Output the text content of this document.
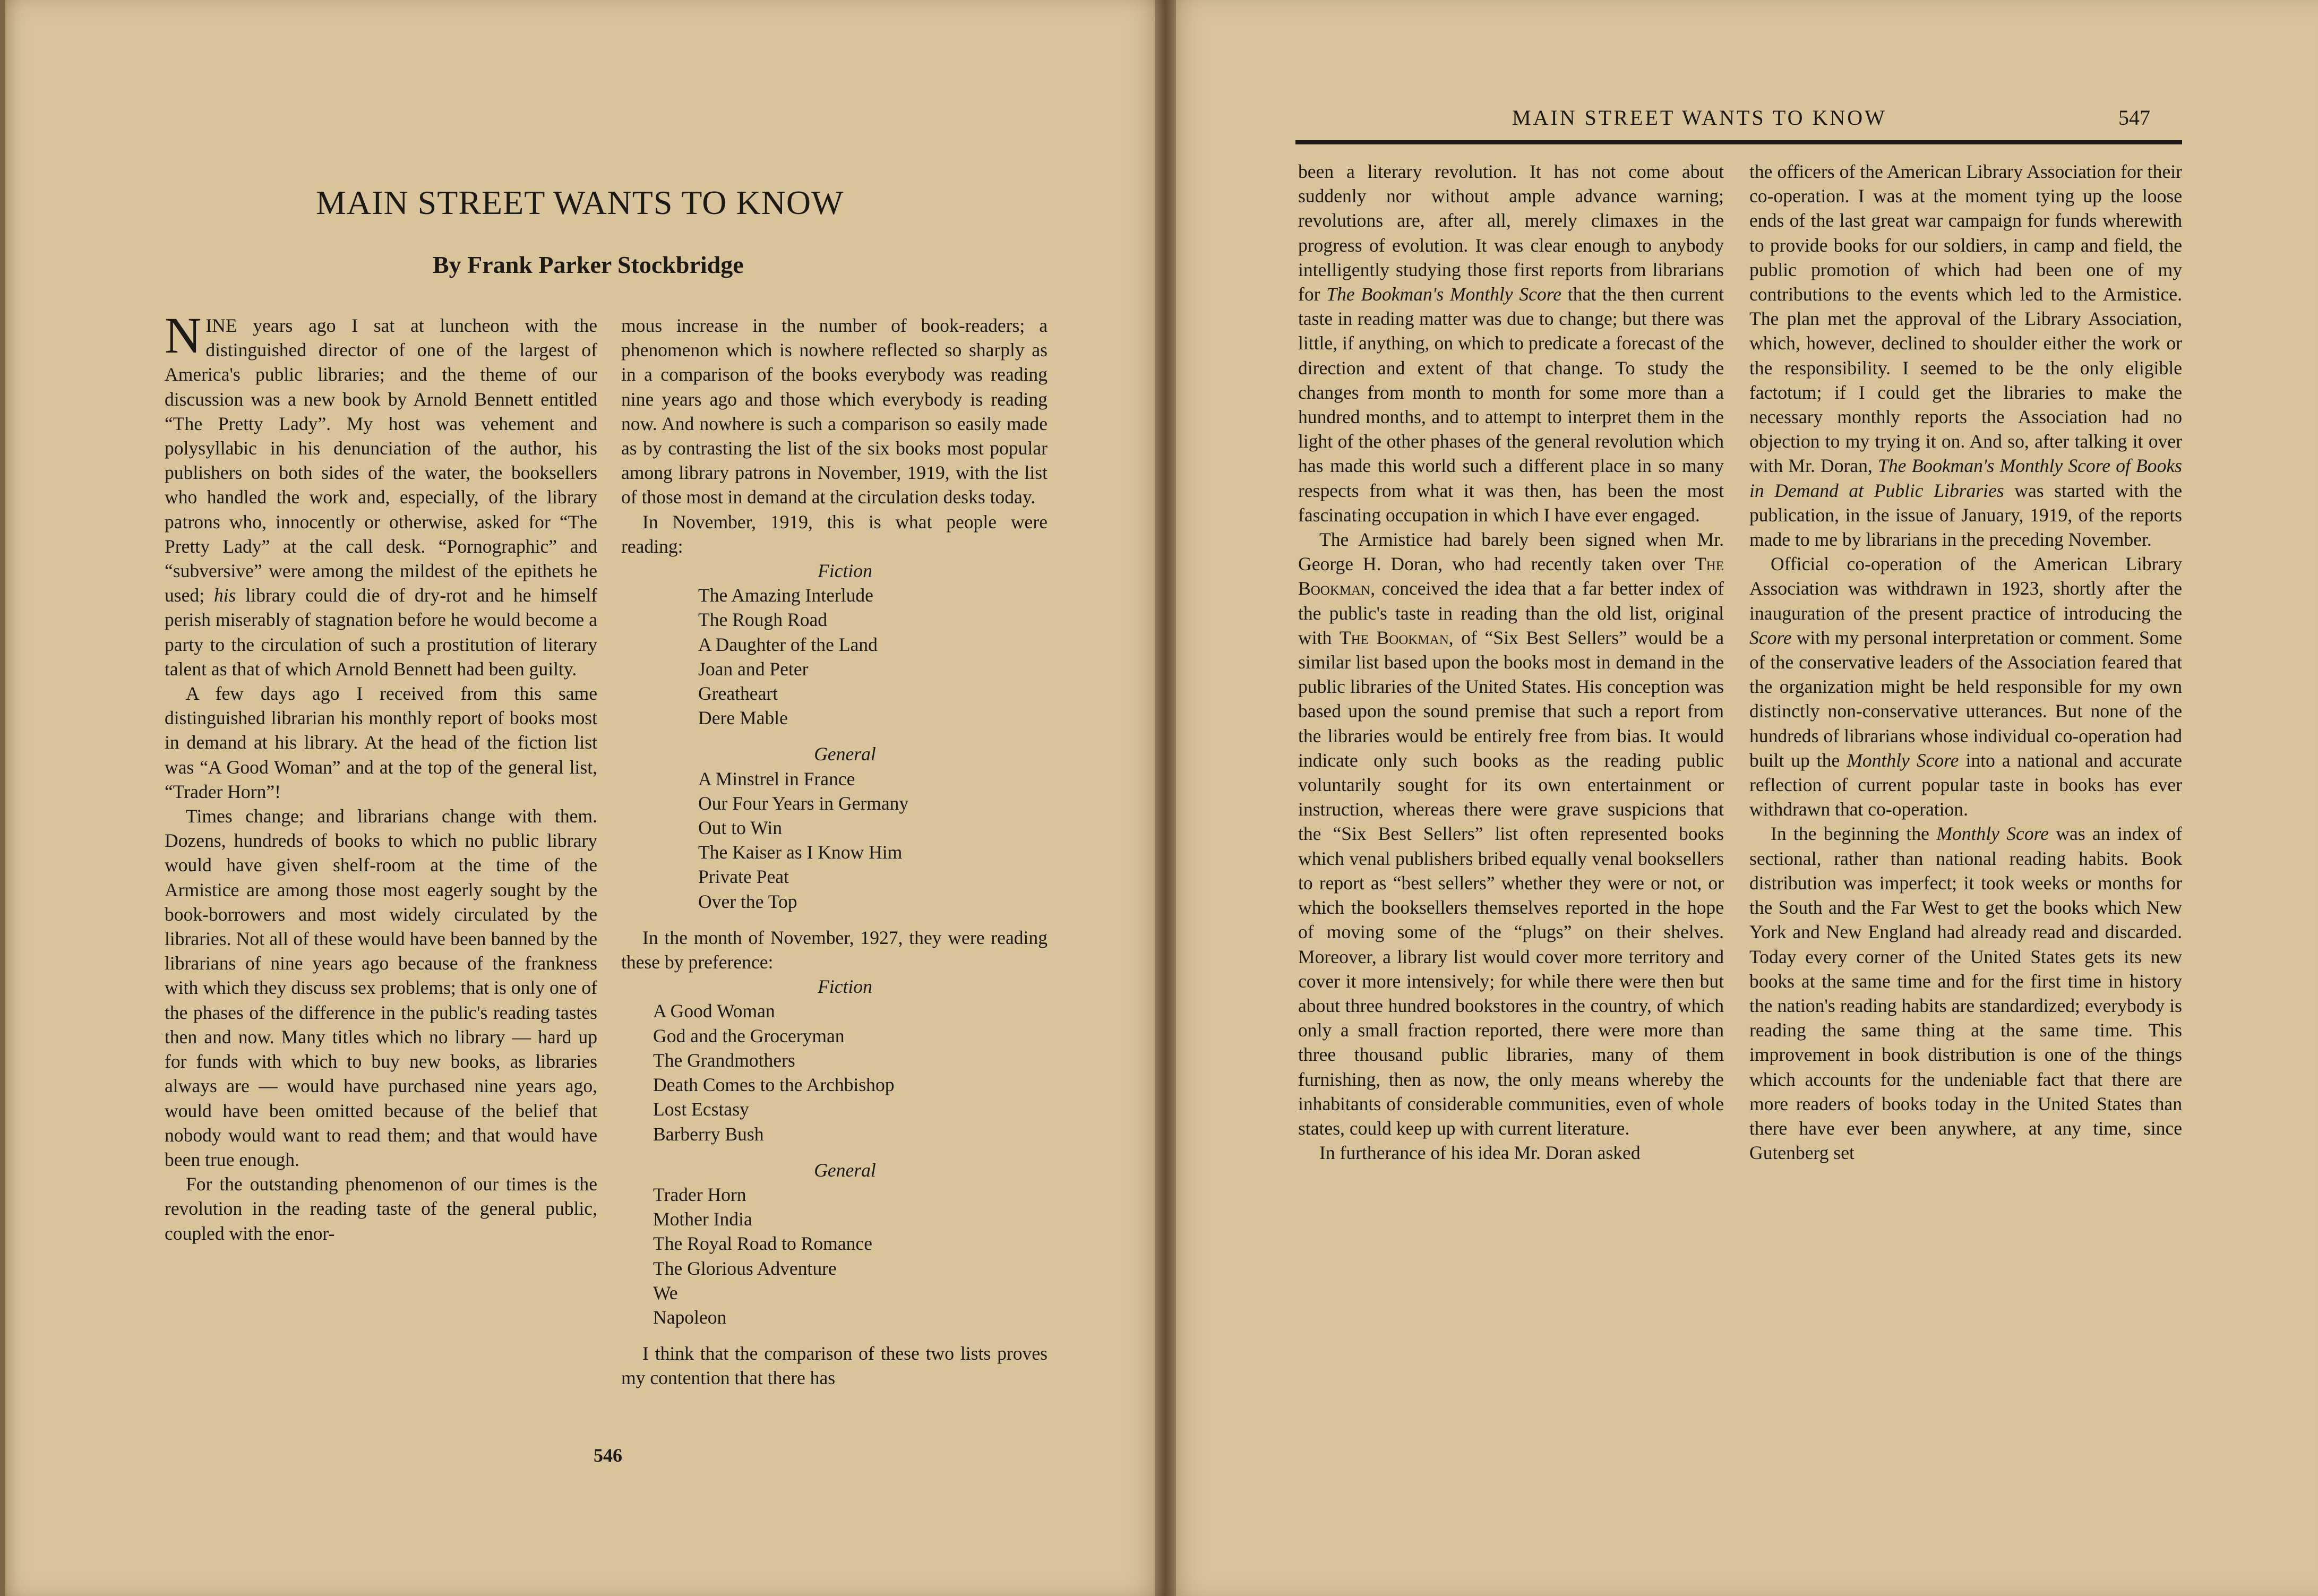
MAIN STREET WANTS TO KNOW
By Frank Parker Stockbridge

NINE years ago I sat at luncheon with the distinguished director of one of the largest of America's public libraries; and the theme of our discussion was a new book by Arnold Bennett entitled “The Pretty Lady”. My host was vehement and polysyllabic in his denunciation of the author, his publishers on both sides of the water, the booksellers who handled the work and, especially, of the library patrons who, innocently or otherwise, asked for “The Pretty Lady” at the call desk. “Pornographic” and “subversive” were among the mildest of the epithets he used; his library could die of dry-rot and he himself perish miserably of stagnation before he would become a party to the circulation of such a prostitution of literary talent as that of which Arnold Bennett had been guilty.

A few days ago I received from this same distinguished librarian his monthly report of books most in demand at his library. At the head of the fiction list was “A Good Woman” and at the top of the general list, “Trader Horn”!

Times change; and librarians change with them. Dozens, hundreds of books to which no public library would have given shelf-room at the time of the Armistice are among those most eagerly sought by the book-borrowers and most widely circulated by the libraries. Not all of these would have been banned by the librarians of nine years ago because of the frankness with which they discuss sex problems; that is only one of the phases of the difference in the public's reading tastes then and now. Many titles which no library — hard up for funds with which to buy new books, as libraries always are — would have purchased nine years ago, would have been omitted because of the belief that nobody would want to read them; and that would have been true enough.

For the outstanding phenomenon of our times is the revolution in the reading taste of the general public, coupled with the enor-

mous increase in the number of book-readers; a phenomenon which is nowhere reflected so sharply as in a comparison of the books everybody was reading nine years ago and those which everybody is reading now. And nowhere is such a comparison so easily made as by contrasting the list of the six books most popular among library patrons in November, 1919, with the list of those most in demand at the circulation desks today.

In November, 1919, this is what people were reading:

Fiction

The Amazing Interlude
The Rough Road
A Daughter of the Land
Joan and Peter
Greatheart
Dere Mable

General

A Minstrel in France
Our Four Years in Germany
Out to Win
The Kaiser as I Know Him
Private Peat
Over the Top

In the month of November, 1927, they were reading these by preference:

Fiction

A Good Woman
God and the Groceryman
The Grandmothers
Death Comes to the Archbishop
Lost Ecstasy
Barberry Bush

General

Trader Horn
Mother India
The Royal Road to Romance
The Glorious Adventure
We
Napoleon

I think that the comparison of these two lists proves my contention that there has

546
MAIN STREET WANTS TO KNOW	547

been a literary revolution. It has not come about suddenly nor without ample advance warning; revolutions are, after all, merely climaxes in the progress of evolution. It was clear enough to anybody intelligently studying those first reports from librarians for The Bookman's Monthly Score that the then current taste in reading matter was due to change; but there was little, if anything, on which to predicate a forecast of the direction and extent of that change. To study the changes from month to month for some more than a hundred months, and to attempt to interpret them in the light of the other phases of the general revolution which has made this world such a different place in so many respects from what it was then, has been the most fascinating occupation in which I have ever engaged.

The Armistice had barely been signed when Mr. George H. Doran, who had recently taken over The Bookman, conceived the idea that a far better index of the public's taste in reading than the old list, original with The Bookman, of “Six Best Sellers” would be a similar list based upon the books most in demand in the public libraries of the United States. His conception was based upon the sound premise that such a report from the libraries would be entirely free from bias. It would indicate only such books as the reading public voluntarily sought for its own entertainment or instruction, whereas there were grave suspicions that the “Six Best Sellers” list often represented books which venal publishers bribed equally venal booksellers to report as “best sellers” whether they were or not, or which the booksellers themselves reported in the hope of moving some of the “plugs” on their shelves. Moreover, a library list would cover more territory and cover it more intensively; for while there were then but about three hundred bookstores in the country, of which only a small fraction reported, there were more than three thousand public libraries, many of them furnishing, then as now, the only means whereby the inhabitants of considerable communities, even of whole states, could keep up with current literature.

In furtherance of his idea Mr. Doran asked

the officers of the American Library Association for their co-operation. I was at the moment tying up the loose ends of the last great war campaign for funds wherewith to provide books for our soldiers, in camp and field, the public promotion of which had been one of my contributions to the events which led to the Armistice. The plan met the approval of the Library Association, which, however, declined to shoulder either the work or the responsibility. I seemed to be the only eligible factotum; if I could get the libraries to make the necessary monthly reports the Association had no objection to my trying it on. And so, after talking it over with Mr. Doran, The Bookman's Monthly Score of Books in Demand at Public Libraries was started with the publication, in the issue of January, 1919, of the reports made to me by librarians in the preceding November.

Official co-operation of the American Library Association was withdrawn in 1923, shortly after the inauguration of the present practice of introducing the Score with my personal interpretation or comment. Some of the conservative leaders of the Association feared that the organization might be held responsible for my own distinctly non-conservative utterances. But none of the hundreds of librarians whose individual co-operation had built up the Monthly Score into a national and accurate reflection of current popular taste in books has ever withdrawn that co-operation.

In the beginning the Monthly Score was an index of sectional, rather than national reading habits. Book distribution was imperfect; it took weeks or months for the South and the Far West to get the books which New York and New England had already read and discarded. Today every corner of the United States gets its new books at the same time and for the first time in history the nation's reading habits are standardized; everybody is reading the same thing at the same time. This improvement in book distribution is one of the things which accounts for the undeniable fact that there are more readers of books today in the United States than there have ever been anywhere, at any time, since Gutenberg set
